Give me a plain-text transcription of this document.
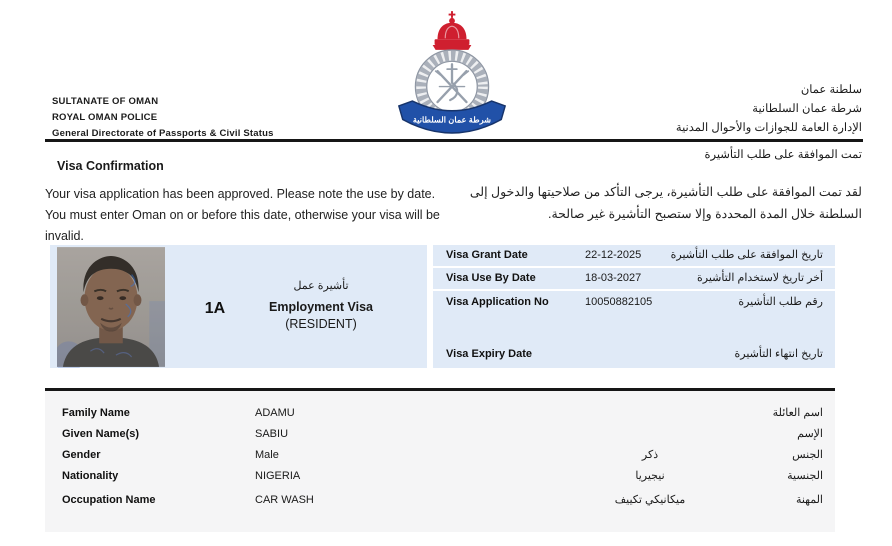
SULTANATE OF OMAN
ROYAL OMAN POLICE
General Directorate of Passports & Civil Status
سلطنة عمان
شرطة عمان السلطانية
الإدارة العامة للجوازات والأحوال المدنية
شرطة عمان السلطانية
تمت الموافقة على طلب التأشيرة
Visa Confirmation
Your visa application has been approved. Please note the use by date. You must enter Oman on or before this date, otherwise your visa will be invalid.
لقد تمت الموافقة على طلب التأشيرة، يرجى التأكد من صلاحيتها والدخول إلى السلطنة خلال المدة المحددة وإلا ستصبح التأشيرة غير صالحة.
1A
تأشيرة عمل
Employment Visa
(RESIDENT)
Visa Grant Date	22-12-2025	تاريخ الموافقة على طلب التأشيرة
Visa Use By Date	18-03-2027	أخر تاريخ لاستخدام التأشيرة
Visa Application No	10050882105	رقم طلب التأشيرة
Visa Expiry Date	تاريخ انتهاء التأشيرة
Family Name	ADAMU	اسم العائلة
Given Name(s)	SABIU	الإسم
Gender	Male	ذكر	الجنس
Nationality	NIGERIA	نيجيريا	الجنسية
Occupation Name	CAR WASH	ميكانيكي تكييف	المهنة
